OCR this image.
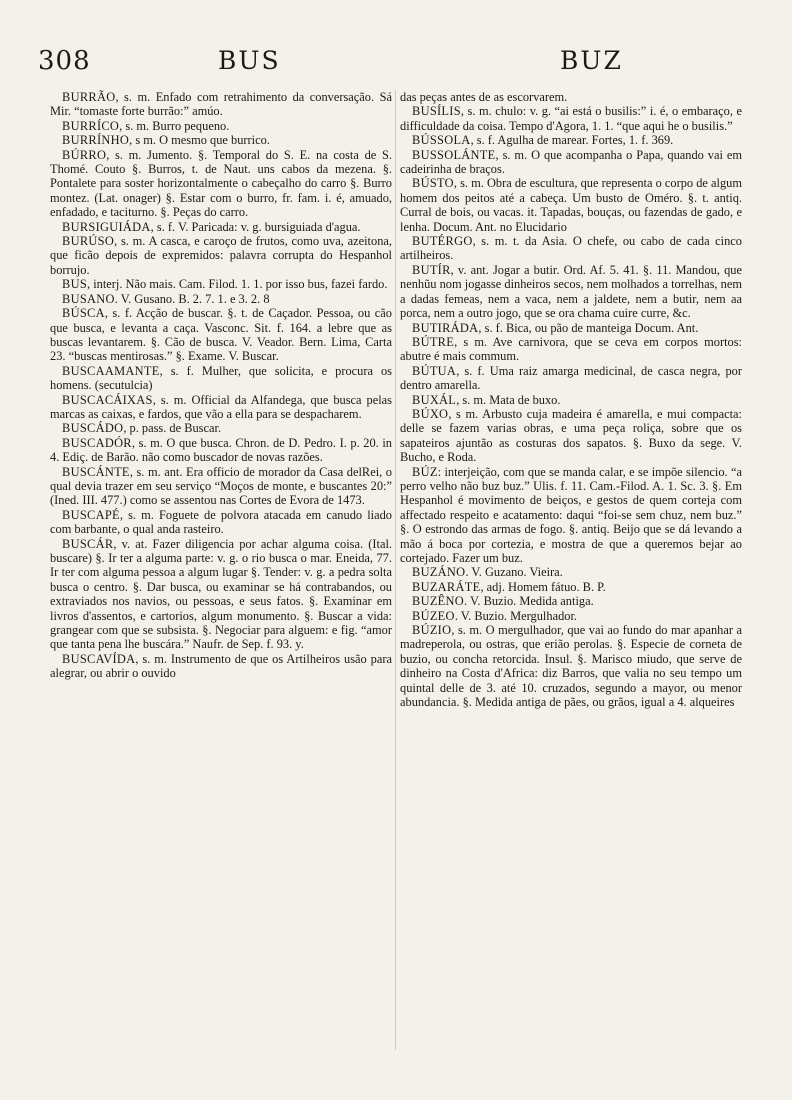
308	BUS	BUZ

BURRÃO, s. m. Enfado com retrahimento da conversação. Sá Mir. “tomaste forte burrão:” amúo.

BURRÍCO, s. m. Burro pequeno.

BURRÍNHO, s m. O mesmo que burrico.

BÚRRO, s. m. Jumento. §. Temporal do S. E. na costa de S. Thomé. Couto §. Burros, t. de Naut. uns cabos da mezena. §. Pontalete para soster horizontalmente o cabeçalho do carro §. Burro montez. (Lat. onager) §. Estar com o burro, fr. fam. i. é, amuado, enfadado, e taciturno. §. Peças do carro.

BURSIGUIÁDA, s. f. V. Paricada: v. g. bursiguiada d'agua.

BURÚSO, s. m. A casca, e caroço de frutos, como uva, azeitona, que ficão depois de expremidos: palavra corrupta do Hespanhol borrujo.

BUS, interj. Não mais. Cam. Filod. 1. 1. por isso bus, fazei fardo.

BUSANO. V. Gusano. B. 2. 7. 1. e 3. 2. 8

BÚSCA, s. f. Acção de buscar. §. t. de Caçador. Pessoa, ou cão que busca, e levanta a caça. Vasconc. Sit. f. 164. a lebre que as buscas levantarem. §. Cão de busca. V. Veador. Bern. Lima, Carta 23. “buscas mentirosas.” §. Exame. V. Buscar.

BUSCAAMANTE, s. f. Mulher, que solicita, e procura os homens. (secutulcia)

BUSCACÁIXAS, s. m. Official da Alfandega, que busca pelas marcas as caixas, e fardos, que vão a ella para se despacharem.

BUSCÁDO, p. pass. de Buscar.

BUSCADÓR, s. m. O que busca. Chron. de D. Pedro. I. p. 20. in 4. Ediç. de Barão. não como buscador de novas razões.

BUSCÁNTE, s. m. ant. Era officio de morador da Casa delRei, o qual devia trazer em seu serviço “Moços de monte, e buscantes 20:” (Ined. III. 477.) como se assentou nas Cortes de Evora de 1473.

BUSCAPÉ, s. m. Foguete de polvora atacada em canudo liado com barbante, o qual anda rasteiro.

BUSCÁR, v. at. Fazer diligencia por achar alguma coisa. (Ital. buscare) §. Ir ter a alguma parte: v. g. o rio busca o mar. Eneida, 77. Ir ter com alguma pessoa a algum lugar §. Tender: v. g. a pedra solta busca o centro. §. Dar busca, ou examinar se há contrabandos, ou extraviados nos navios, ou pessoas, e seus fatos. §. Examinar em livros d'assentos, e cartorios, algum monumento. §. Buscar a vida: grangear com que se subsista. §. Negociar para alguem: e fig. “amor que tanta pena lhe buscára.” Naufr. de Sep. f. 93. y.

BUSCAVÍDA, s. m. Instrumento de que os Artilheiros usão para alegrar, ou abrir o ouvido

das peças antes de as escorvarem.

BUSÍLIS, s. m. chulo: v. g. “ai está o busilis:” i. é, o embaraço, e difficuldade da coisa. Tempo d'Agora, 1. 1. “que aqui he o busilis.”

BÚSSOLA, s. f. Agulha de marear. Fortes, 1. f. 369.

BUSSOLÁNTE, s. m. O que acompanha o Papa, quando vai em cadeirinha de braços.

BÚSTO, s. m. Obra de escultura, que representa o corpo de algum homem dos peitos até a cabeça. Um busto de Oméro. §. t. antiq. Curral de bois, ou vacas. it. Tapadas, bouças, ou fazendas de gado, e lenha. Docum. Ant. no Elucidario

BUTÉRGO, s. m. t. da Asia. O chefe, ou cabo de cada cinco artilheiros.

BUTÍR, v. ant. Jogar a butir. Ord. Af. 5. 41. §. 11. Mandou, que nenhũu nom jogasse dinheiros secos, nem molhados a torrelhas, nem a dadas femeas, nem a vaca, nem a jaldete, nem a butir, nem aa porca, nem a outro jogo, que se ora chama cuire curre, &c.

BUTIRÁDA, s. f. Bica, ou pão de manteiga Docum. Ant.

BÚTRE, s m. Ave carnivora, que se ceva em corpos mortos: abutre é mais commum.

BÚTUA, s. f. Uma raiz amarga medicinal, de casca negra, por dentro amarella.

BUXÁL, s. m. Mata de buxo.

BÚXO, s m. Arbusto cuja madeira é amarella, e mui compacta: delle se fazem varias obras, e uma peça roliça, sobre que os sapateiros ajuntão as costuras dos sapatos. §. Buxo da sege. V. Bucho, e Roda.

BÚZ: interjeição, com que se manda calar, e se impõe silencio. “a perro velho não buz buz.” Ulis. f. 11. Cam.-Filod. A. 1. Sc. 3. §. Em Hespanhol é movimento de beiços, e gestos de quem corteja com affectado respeito e acatamento: daqui “foi-se sem chuz, nem buz.” §. O estrondo das armas de fogo. §. antiq. Beijo que se dá levando a mão á boca por cortezia, e mostra de que a queremos bejar ao cortejado. Fazer um buz.

BUZÁNO. V. Guzano. Vieira.

BUZARÁTE, adj. Homem fátuo. B. P.

BUZÊNO. V. Buzio. Medida antiga.

BÚZEO. V. Buzio. Mergulhador.

BÚZIO, s. m. O mergulhador, que vai ao fundo do mar apanhar a madreperola, ou ostras, que erião perolas. §. Especie de corneta de buzio, ou concha retorcida. Insul. §. Marisco miudo, que serve de dinheiro na Costa d'Africa: diz Barros, que valia no seu tempo um quintal delle de 3. até 10. cruzados, segundo a mayor, ou menor abundancia. §. Medida antiga de pães, ou grãos, igual a 4. alqueires
